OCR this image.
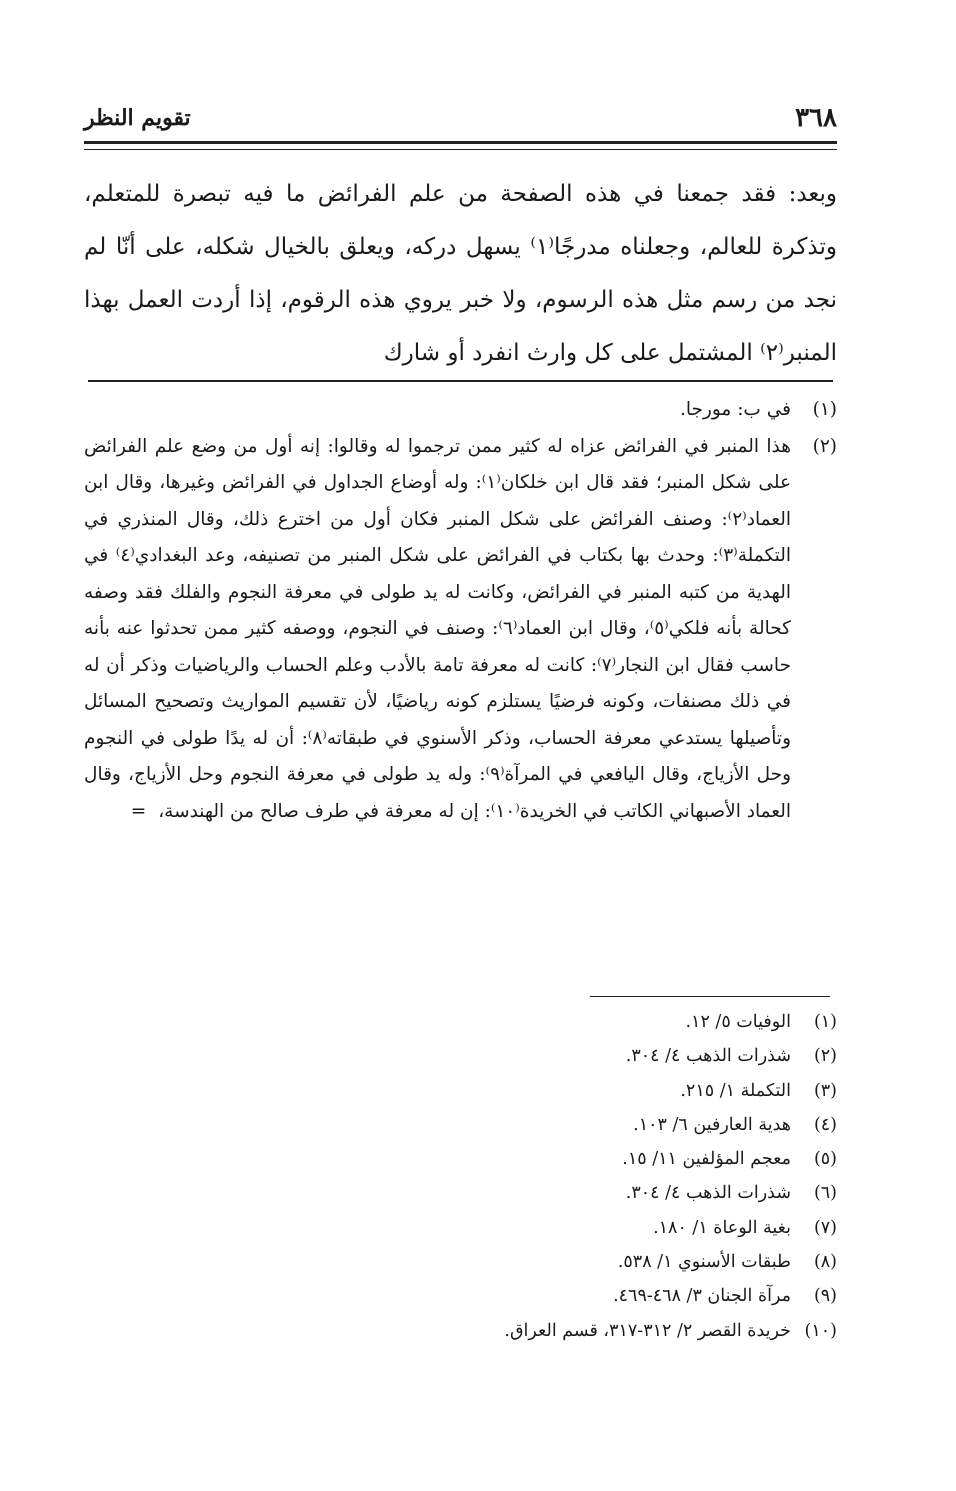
٣٦٨
تقويم النظر

وبعد: فقد جمعنا في هذه الصفحة من علم الفرائض ما فيه تبصرة للمتعلم، وتذكرة للعالم، وجعلناه مدرجًا⁽١⁾ يسهل دركه، ويعلق بالخيال شكله، على أنّا لم نجد من رسم مثل هذه الرسوم، ولا خبر يروي هذه الرقوم، إذا أردت العمل بهذا المنبر⁽٢⁾ المشتمل على كل وارث انفرد أو شارك

(١)
في ب: مورجا.
(٢)
هذا المنبر في الفرائض عزاه له كثير ممن ترجموا له وقالوا: إنه أول من وضع علم الفرائض على شكل المنبر؛ فقد قال ابن خلكان⁽١⁾: وله أوضاع الجداول في الفرائض وغيرها، وقال ابن العماد⁽٢⁾: وصنف الفرائض على شكل المنبر فكان أول من اخترع ذلك، وقال المنذري في التكملة⁽٣⁾: وحدث بها بكتاب في الفرائض على شكل المنبر من تصنيفه، وعد البغدادي⁽٤⁾ في الهدية من كتبه المنبر في الفرائض، وكانت له يد طولى في معرفة النجوم والفلك فقد وصفه كحالة بأنه فلكي⁽٥⁾، وقال ابن العماد⁽٦⁾: وصنف في النجوم، ووصفه كثير ممن تحدثوا عنه بأنه حاسب فقال ابن النجار⁽٧⁾: كانت له معرفة تامة بالأدب وعلم الحساب والرياضيات وذكر أن له في ذلك مصنفات، وكونه فرضيًا يستلزم كونه رياضيًا، لأن تقسيم المواريث وتصحيح المسائل وتأصيلها يستدعي معرفة الحساب، وذكر الأسنوي في طبقاته⁽٨⁾: أن له يدًا طولى في النجوم وحل الأزياج، وقال اليافعي في المرآة⁽٩⁾: وله يد طولى في معرفة النجوم وحل الأزياج، وقال العماد الأصبهاني الكاتب في الخريدة⁽١٠⁾: إن له معرفة في طرف صالح من الهندسة، =
(١)
الوفيات ٥/ ١٢.
(٢)
شذرات الذهب ٤/ ٣٠٤.
(٣)
التكملة ١/ ٢١٥.
(٤)
هدية العارفين ٦/ ١٠٣.
(٥)
معجم المؤلفين ١١/ ١٥.
(٦)
شذرات الذهب ٤/ ٣٠٤.
(٧)
بغية الوعاة ١/ ١٨٠.
(٨)
طبقات الأسنوي ١/ ٥٣٨.
(٩)
مرآة الجنان ٣/ ٤٦٨-٤٦٩.
(١٠)
خريدة القصر ٢/ ٣١٢-٣١٧، قسم العراق.
